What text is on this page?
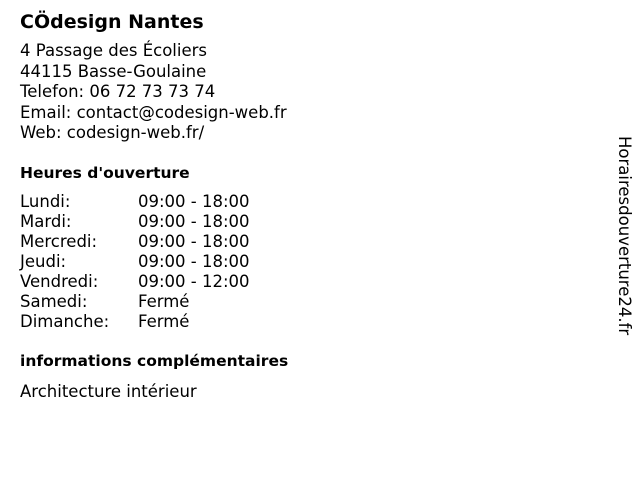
CÖdesign Nantes
4 Passage des Écoliers
44115 Basse-Goulaine
Telefon: 06 72 73 73 74
Email: contact@codesign-web.fr
Web: codesign-web.fr/
Heures d'ouverture
Lundi:	09:00 - 18:00
Mardi:	09:00 - 18:00
Mercredi:	09:00 - 18:00
Jeudi:	09:00 - 18:00
Vendredi:	09:00 - 12:00
Samedi:	Fermé
Dimanche:	Fermé
informations complémentaires
Architecture intérieur
Horairesdouverture24.fr
